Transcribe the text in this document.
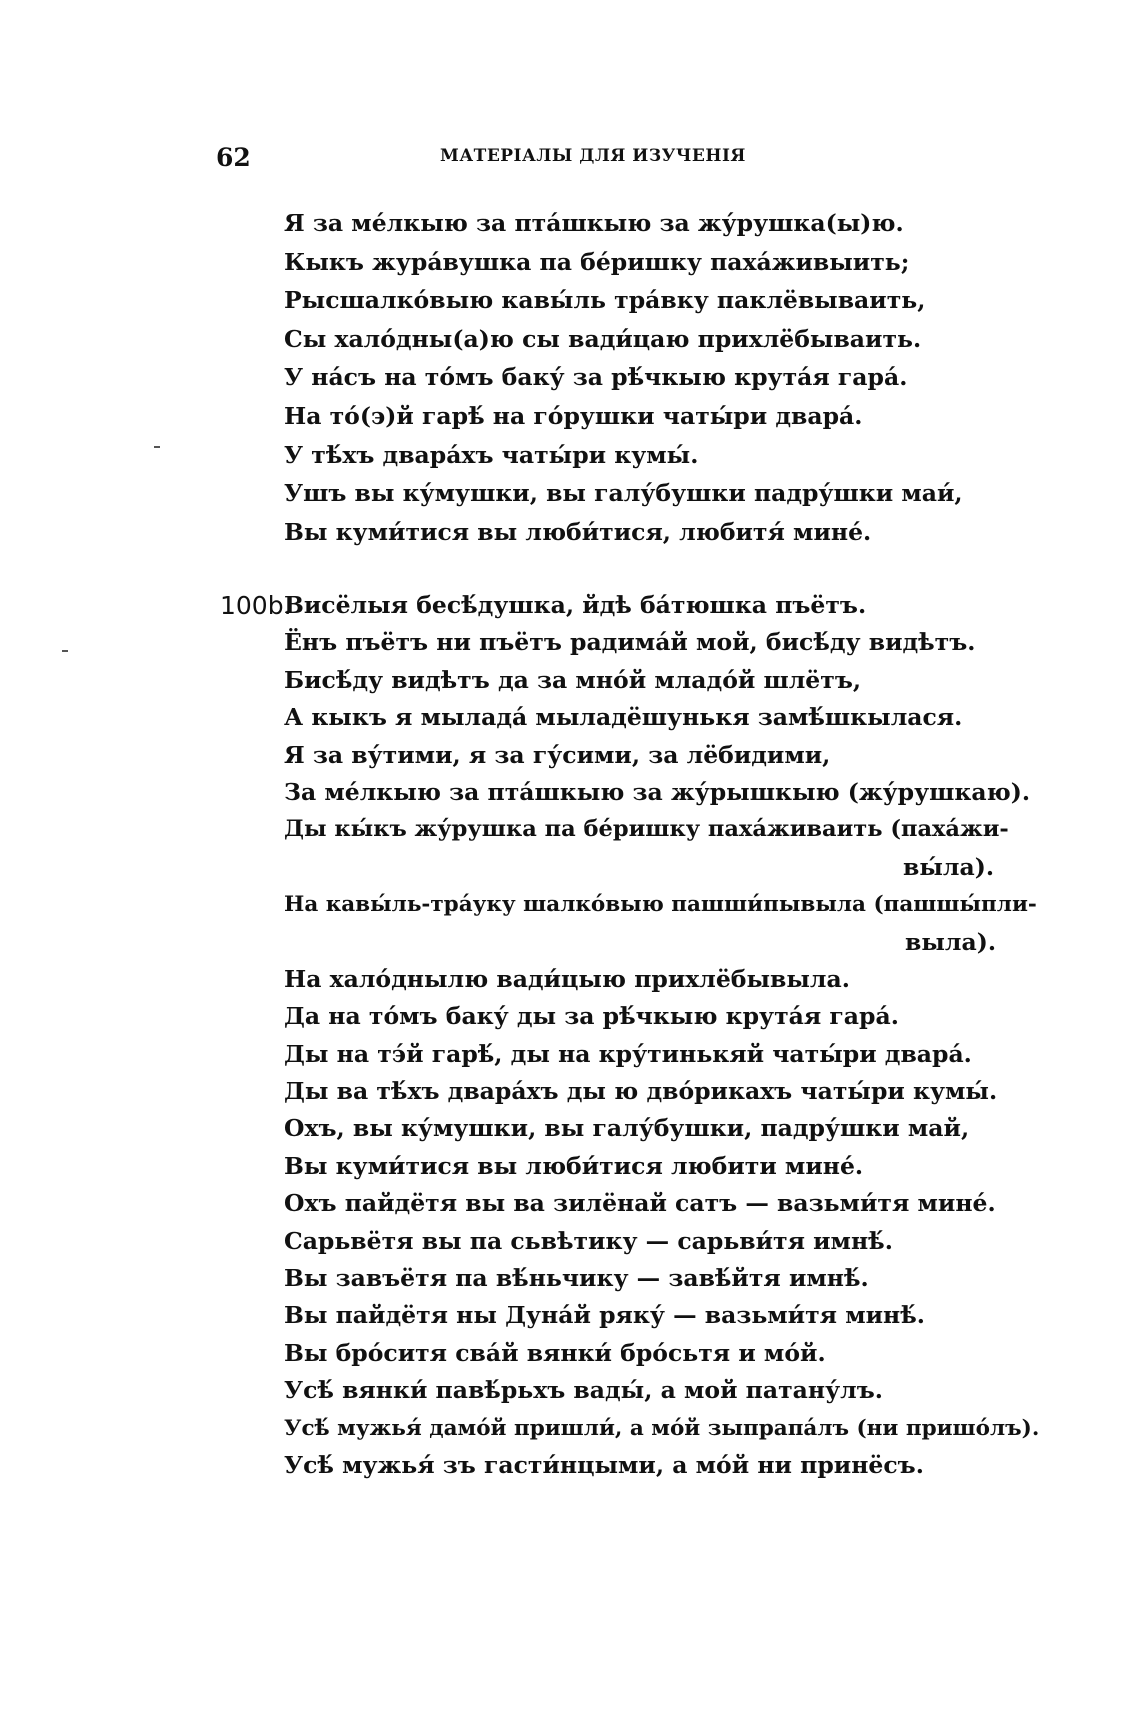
62	МАТЕРІАЛЫ ДЛЯ ИЗУЧЕНІЯ
Я за ме́лкыю за пта́шкыю за жу́рушка(ы)ю.
Кыкъ жура́вушка па бе́ришку паха́живыить;
Рысшалко́выю кавы́ль тра́вку паклёвываить,
Сы хало́дны(а)ю сы вади́цаю прихлёбываить.
У на́съ на то́мъ баку́ за рѣ́чкыю крута́я гара́.
На то́(э)й гарѣ́ на го́рушки чаты́ри двара́.
У тѣ́хъ двара́хъ чаты́ри кумы́.
Ушъ вы ку́мушки, вы галу́бушки падру́шки маи́,
Вы куми́тися вы люби́тися, любитя́ мине́.
100b.
Висёлыя бесѣ́душка, йдѣ ба́тюшка пъётъ.
Ёнъ пъётъ ни пъётъ радима́й мой, бисѣ́ду видѣтъ.
Бисѣ́ду видѣтъ да за мно́й младо́й шлётъ,
А кыкъ я мылада́ мыладёшунькя замѣ́шкылася.
Я за ву́тими, я за гу́сими, за лёбидими,
За ме́лкыю за пта́шкыю за жу́рышкыю (жу́рушкаю).
Ды кы́къ жу́рушка па бе́ришку паха́живаить (паха́жи-
вы́ла).
На кавы́ль-тра́уку шалко́выю пашши́пывыла (пашшы́пли-
выла).
На хало́днылю вади́цыю прихлёбывыла.
Да на то́мъ баку́ ды за рѣ́чкыю крута́я гара́.
Ды на тэ́й гарѣ́, ды на кру́тинькяй чаты́ри двара́.
Ды ва тѣ́хъ двара́хъ ды ю дво́рикахъ чаты́ри кумы́.
Охъ, вы ку́мушки, вы галу́бушки, падру́шки май,
Вы куми́тися вы люби́тися любити мине́.
Охъ пайдётя вы ва зилёнай сатъ — вазьми́тя мине́.
Сарьвётя вы па сьвѣтику — сарьви́тя имнѣ́.
Вы завъётя па вѣ́ньчику — завѣ́йтя имнѣ́.
Вы пайдётя ны Дуна́й ряку́ — вазьми́тя минѣ́.
Вы бро́ситя сва́й вянки́ бро́сьтя и мо́й.
Усѣ́ вянки́ павѣ́рьхъ вады́, а мой патану́лъ.
Усѣ́ мужья́ дамо́й пришли́, а мо́й зыпрапа́лъ (ни пришо́лъ).
Усѣ́ мужья́ зъ гасти́нцыми, а мо́й ни принёсъ.
